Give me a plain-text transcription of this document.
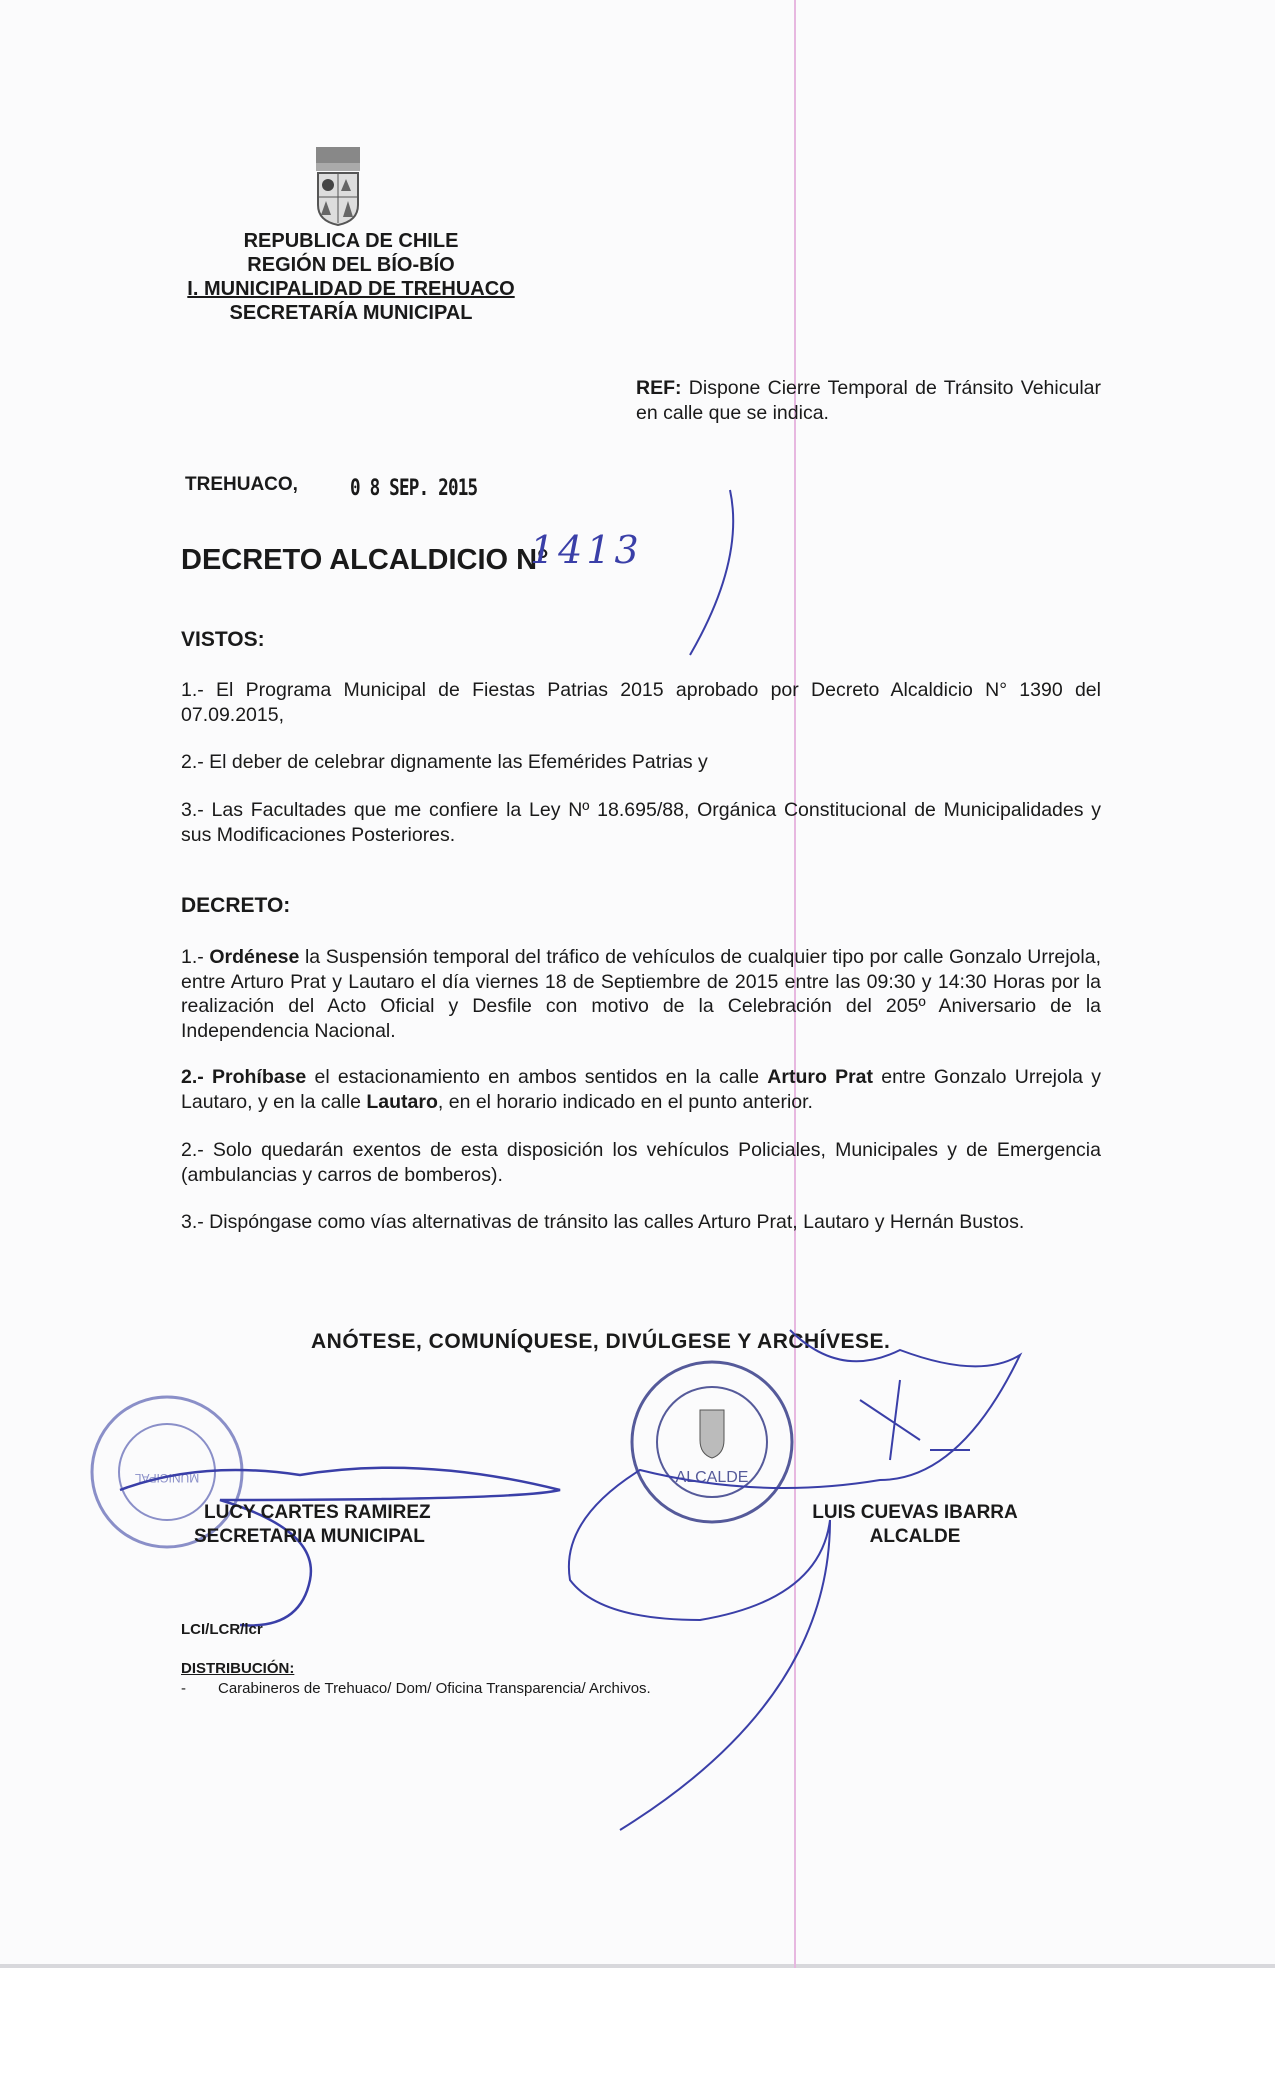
REPUBLICA DE CHILE
REGIÓN DEL BÍO-BÍO
I. MUNICIPALIDAD DE TREHUACO
SECRETARÍA MUNICIPAL
REF: Dispone Cierre Temporal de Tránsito Vehicular en calle que se indica.
TREHUACO, 0 8 SEP. 2015
DECRETO ALCALDICIO N°
1413
VISTOS:
1.- El Programa Municipal de Fiestas Patrias 2015 aprobado por Decreto Alcaldicio N° 1390 del 07.09.2015,
2.- El deber de celebrar dignamente las Efemérides Patrias y
3.- Las Facultades que me confiere la Ley Nº 18.695/88, Orgánica Constitucional de Municipalidades y sus Modificaciones Posteriores.
DECRETO:
1.- Ordénese la Suspensión temporal del tráfico de vehículos de cualquier tipo por calle Gonzalo Urrejola, entre Arturo Prat y Lautaro el día viernes 18 de Septiembre de 2015 entre las 09:30 y 14:30 Horas por la realización del Acto Oficial y Desfile con motivo de la Celebración del 205º Aniversario de la Independencia Nacional.
2.- Prohíbase el estacionamiento en ambos sentidos en la calle Arturo Prat entre Gonzalo Urrejola y Lautaro, y en la calle Lautaro, en el horario indicado en el punto anterior.
2.- Solo quedarán exentos de esta disposición los vehículos Policiales, Municipales y de Emergencia (ambulancias y carros de bomberos).
3.- Dispóngase como vías alternativas de tránsito las calles Arturo Prat, Lautaro y Hernán Bustos.
ANÓTESE, COMUNÍQUESE, DIVÚLGESE Y ARCHÍVESE.
MUNICIPAL	ALCALDE
LUCY CARTES RAMIREZ
SECRETARIA MUNICIPAL
LUIS CUEVAS IBARRA
ALCALDE
LCI/LCR/lcr
DISTRIBUCIÓN:
- Carabineros de Trehuaco/ Dom/ Oficina Transparencia/ Archivos.
